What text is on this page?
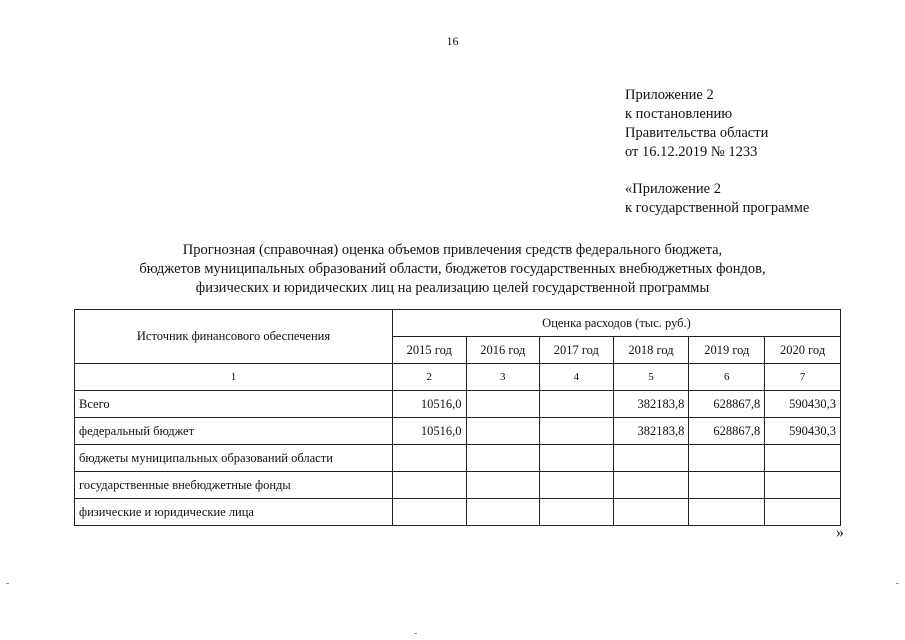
16
Приложение 2
к постановлению
Правительства области
от 16.12.2019 № 1233
«Приложение 2
к государственной программе
Прогнозная (справочная) оценка объемов привлечения средств федерального бюджета,
бюджетов муниципальных образований области, бюджетов государственных внебюджетных фондов,
физических и юридических лиц на реализацию целей государственной программы
Источник финансового обеспечения	Оценка расходов (тыс. руб.)					
	2015 год	2016 год	2017 год	2018 год	2019 год	2020 год
1	2	3	4	5	6	7
Всего	10516,0			382183,8	628867,8	590430,3
федеральный бюджет	10516,0			382183,8	628867,8	590430,3
бюджеты муниципальных образований области						
государственные внебюджетные фонды						
физические и юридические лица						
»
